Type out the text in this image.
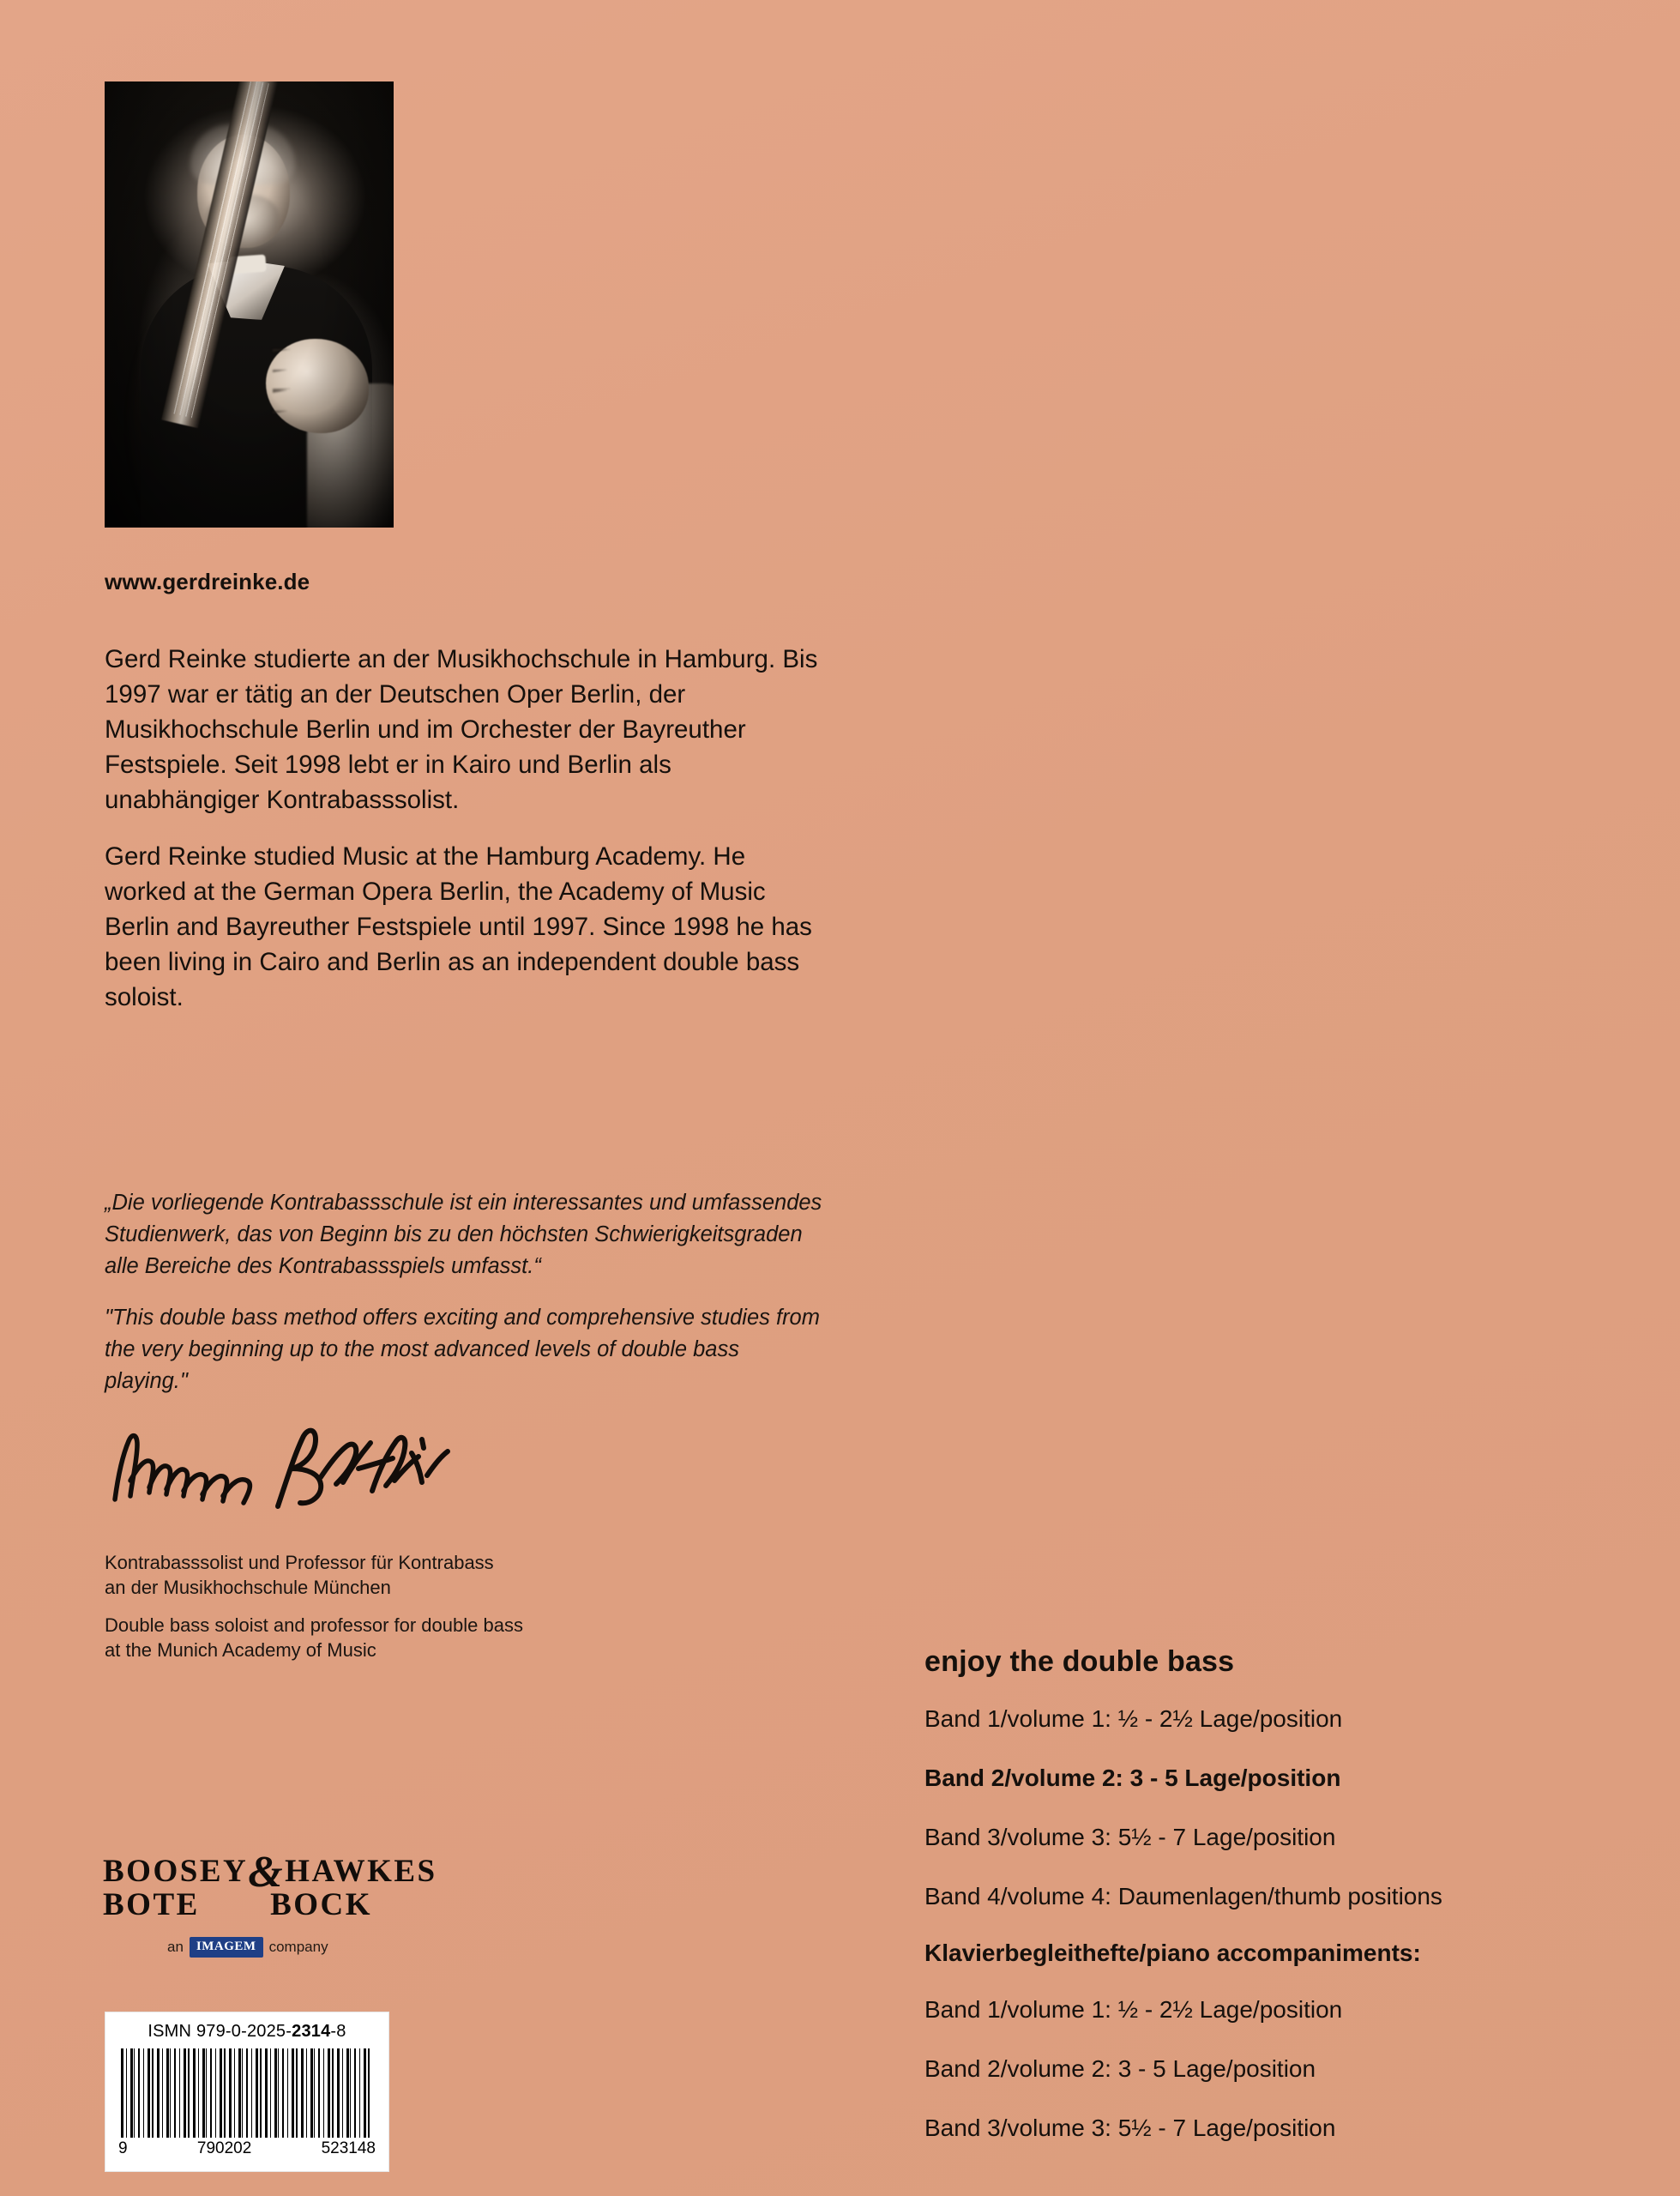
www.gerdreinke.de
Gerd Reinke studierte an der Musikhochschule in Hamburg. Bis 1997 war er tätig an der Deutschen Oper Berlin, der Musikhochschule Berlin und im Orchester der Bayreuther Festspiele. Seit 1998 lebt er in Kairo und Berlin als unabhängiger Kontrabasssolist.
Gerd Reinke studied Music at the Hamburg Academy. He worked at the German Opera Berlin, the Academy of Music Berlin and Bayreuther Festspiele until 1997. Since 1998 he has been living in Cairo and Berlin as an independent double bass soloist.
„Die vorliegende Kontrabassschule ist ein interessantes und umfassendes Studienwerk, das von Beginn bis zu den höchsten Schwierigkeitsgraden alle Bereiche des Kontrabassspiels umfasst.“
"This double bass method offers exciting and comprehensive studies from the very beginning up to the most advanced levels of double bass playing."
Kontrabasssolist und Professor für Kontrabass
an der Musikhochschule München
Double bass soloist and professor for double bass
at the Munich Academy of Music
BOOSEY&HAWKES
BOTE BOCK
an	IMAGEM company
ISMN 979-0-2025-2314-8
9	790202	523148
enjoy the double bass
Band 1/volume 1: ½ - 2½ Lage/position
Band 2/volume 2: 3 - 5 Lage/position
Band 3/volume 3: 5½ - 7 Lage/position
Band 4/volume 4: Daumenlagen/thumb positions
Klavierbegleithefte/piano accompaniments:
Band 1/volume 1: ½ - 2½ Lage/position
Band 2/volume 2: 3 - 5 Lage/position
Band 3/volume 3: 5½ - 7 Lage/position
